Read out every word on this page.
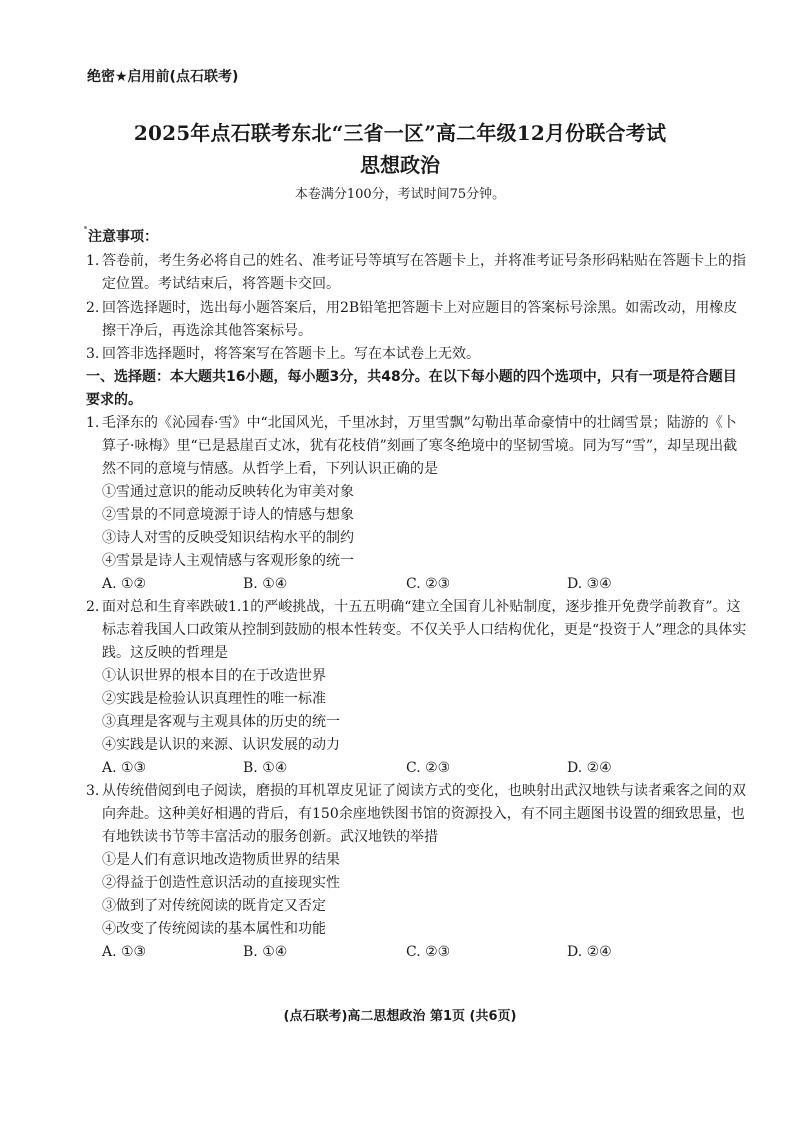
绝密★启用前(点石联考)
2025年点石联考东北“三省一区”高二年级12月份联合考试
思想政治
本卷满分100分，考试时间75分钟。
注意事项：
1. 答卷前，考生务必将自己的姓名、准考证号等填写在答题卡上，并将准考证号条形码粘贴在答题卡上的指定位置。考试结束后，将答题卡交回。
2. 回答选择题时，选出每小题答案后，用2B铅笔把答题卡上对应题目的答案标号涂黑。如需改动，用橡皮擦干净后，再选涂其他答案标号。
3. 回答非选择题时，将答案写在答题卡上。写在本试卷上无效。
一、选择题：本大题共16小题，每小题3分，共48分。在以下每小题的四个选项中，只有一项是符合题目要求的。
1. 毛泽东的《沁园春·雪》中“北国风光，千里冰封，万里雪飘”勾勒出革命豪情中的壮阔雪景；陆游的《卜算子·咏梅》里“已是悬崖百丈冰，犹有花枝俏”刻画了寒冬绝境中的坚韧雪境。同为写“雪”，却呈现出截然不同的意境与情感。从哲学上看，下列认识正确的是
①雪通过意识的能动反映转化为审美对象
②雪景的不同意境源于诗人的情感与想象
③诗人对雪的反映受知识结构水平的制约
④雪景是诗人主观情感与客观形象的统一
A. ①②	B. ①④	C. ②③	D. ③④
2. 面对总和生育率跌破1.1的严峻挑战，十五五明确“建立全国育儿补贴制度，逐步推开免费学前教育”。这标志着我国人口政策从控制到鼓励的根本性转变。不仅关乎人口结构优化，更是“投资于人”理念的具体实践。这反映的哲理是
①认识世界的根本目的在于改造世界
②实践是检验认识真理性的唯一标准
③真理是客观与主观具体的历史的统一
④实践是认识的来源、认识发展的动力
A. ①③	B. ①④	C. ②③	D. ②④
3. 从传统借阅到电子阅读，磨损的耳机罩皮见证了阅读方式的变化，也映射出武汉地铁与读者乘客之间的双向奔赴。这种美好相遇的背后，有150余座地铁图书馆的资源投入，有不同主题图书设置的细致思量，也有地铁读书节等丰富活动的服务创新。武汉地铁的举措
①是人们有意识地改造物质世界的结果
②得益于创造性意识活动的直接现实性
③做到了对传统阅读的既肯定又否定
④改变了传统阅读的基本属性和功能
A. ①③	B. ①④	C. ②③	D. ②④
(点石联考)高二思想政治 第1页 (共6页)
